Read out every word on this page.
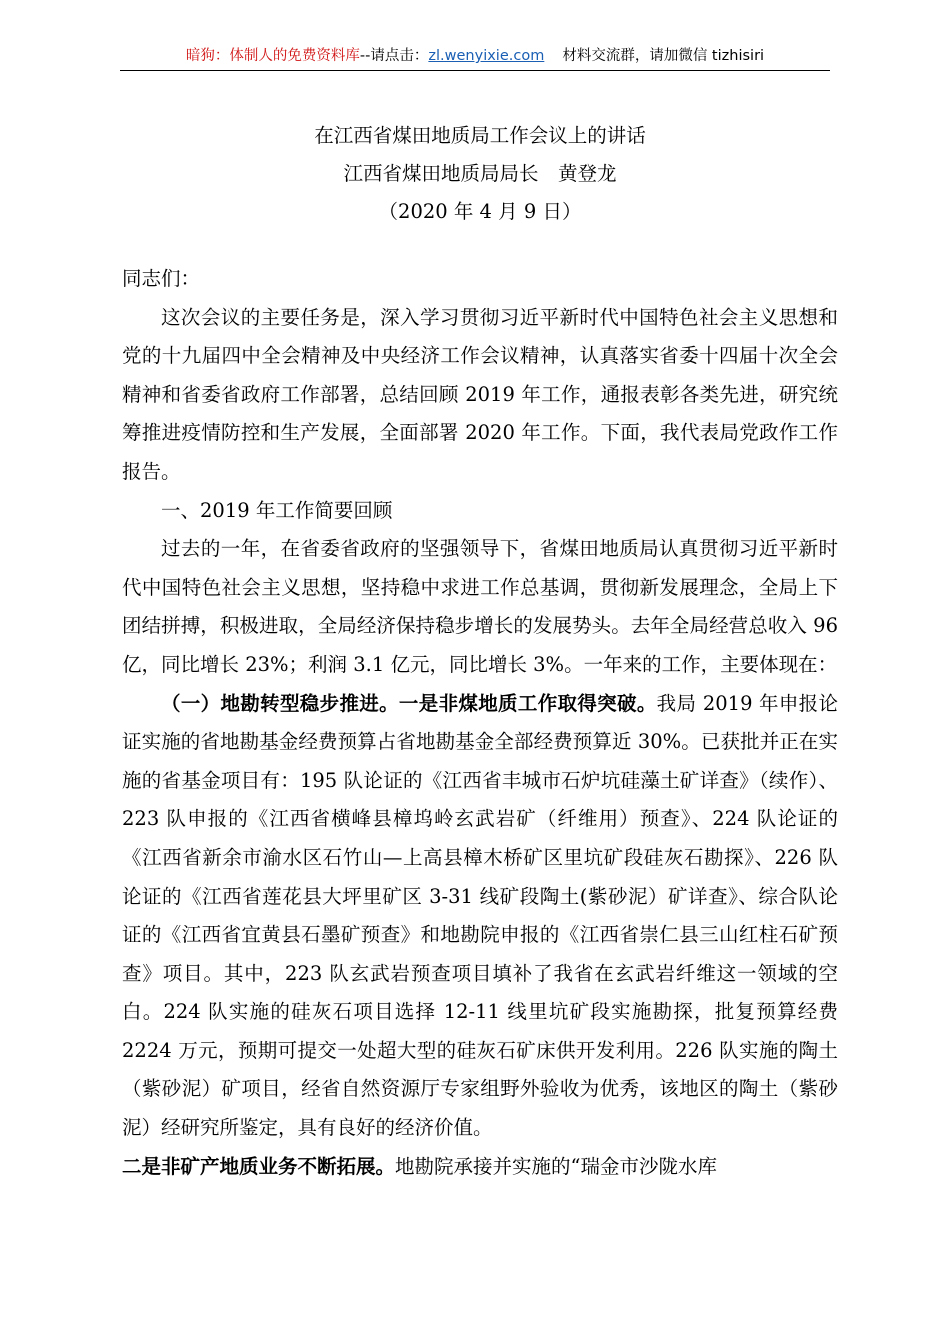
暗狗：体制人的免费资料库--请点击：zl.wenyixie.com 材料交流群，请加微信 tizhisiri
在江西省煤田地质局工作会议上的讲话
江西省煤田地质局局长　黄登龙
（2020 年 4 月 9 日）

同志们：

这次会议的主要任务是，深入学习贯彻习近平新时代中国特色社会主义思想和党的十九届四中全会精神及中央经济工作会议精神，认真落实省委十四届十次全会精神和省委省政府工作部署，总结回顾 2019 年工作，通报表彰各类先进，研究统筹推进疫情防控和生产发展，全面部署 2020 年工作。下面，我代表局党政作工作报告。

一、2019 年工作简要回顾

过去的一年，在省委省政府的坚强领导下，省煤田地质局认真贯彻习近平新时代中国特色社会主义思想，坚持稳中求进工作总基调，贯彻新发展理念，全局上下团结拼搏，积极进取，全局经济保持稳步增长的发展势头。去年全局经营总收入 96 亿，同比增长 23%；利润 3.1 亿元，同比增长 3%。一年来的工作，主要体现在：

（一）地勘转型稳步推进。一是非煤地质工作取得突破。我局 2019 年申报论证实施的省地勘基金经费预算占省地勘基金全部经费预算近 30%。已获批并正在实施的省基金项目有：195 队论证的《江西省丰城市石炉坑硅藻土矿详查》（续作）、223 队申报的《江西省横峰县樟坞岭玄武岩矿（纤维用）预查》、224 队论证的《江西省新余市渝水区石竹山—上高县樟木桥矿区里坑矿段硅灰石勘探》、226 队论证的《江西省莲花县大坪里矿区 3-31 线矿段陶土(紫砂泥）矿详查》、综合队论证的《江西省宜黄县石墨矿预查》和地勘院申报的《江西省崇仁县三山红柱石矿预查》项目。其中，223 队玄武岩预查项目填补了我省在玄武岩纤维这一领域的空白。224 队实施的硅灰石项目选择 12-11 线里坑矿段实施勘探，批复预算经费 2224 万元，预期可提交一处超大型的硅灰石矿床供开发利用。226 队实施的陶土（紫砂泥）矿项目，经省自然资源厅专家组野外验收为优秀，该地区的陶土（紫砂泥）经研究所鉴定，具有良好的经济价值。

二是非矿产地质业务不断拓展。地勘院承接并实施的“瑞金市沙陇水库
